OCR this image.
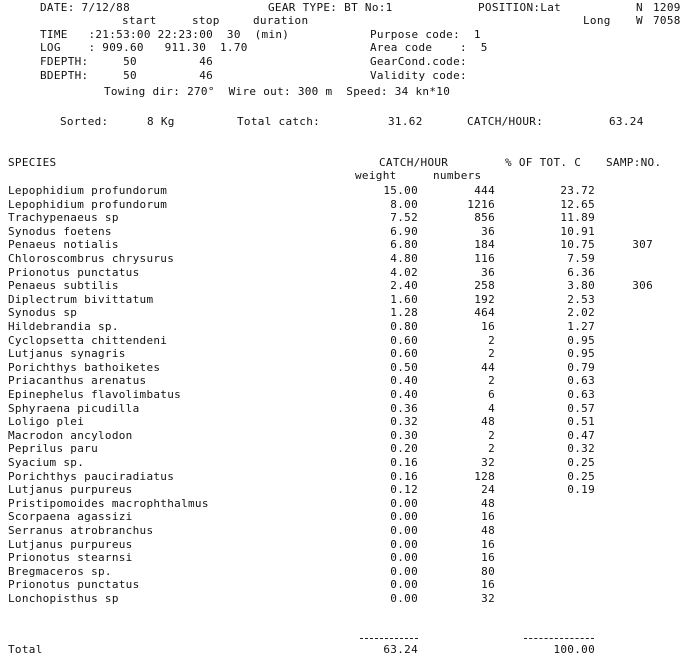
DATE: 7/12/88	GEAR TYPE: BT No:1	POSITION:Lat	N 1209
start	stop	duration	Long W 7058
TIME   :21:53:00 22:23:00  30  (min)	Purpose code:  1
LOG    : 909.60   911.30  1.70	Area code    :  5
FDEPTH:     50         46	GearCond.code:
BDEPTH:     50         46	Validity code:
Towing dir: 270°  Wire out: 300 m  Speed: 34 kn*10
Sorted:	8 Kg	Total catch:	31.62	CATCH/HOUR:	63.24
SPECIES	CATCH/HOUR	% OF TOT. C SAMP:NO.
weight	numbers
Lepophidium profundorum	15.00	444	23.72
Lepophidium profundorum	8.00	1216	12.65
Trachypenaeus sp	7.52	856	11.89
Synodus foetens	6.90	36	10.91
Penaeus notialis	6.80	184	10.75	307
Chloroscombrus chrysurus	4.80	116	7.59
Prionotus punctatus	4.02	36	6.36
Penaeus subtilis	2.40	258	3.80	306
Diplectrum bivittatum	1.60	192	2.53
Synodus sp	1.28	464	2.02
Hildebrandia sp.	0.80	16	1.27
Cyclopsetta chittendeni	0.60	2	0.95
Lutjanus synagris	0.60	2	0.95
Porichthys bathoiketes	0.50	44	0.79
Priacanthus arenatus	0.40	2	0.63
Epinephelus flavolimbatus	0.40	6	0.63
Sphyraena picudilla	0.36	4	0.57
Loligo plei	0.32	48	0.51
Macrodon ancylodon	0.30	2	0.47
Peprilus paru	0.20	2	0.32
Syacium sp.	0.16	32	0.25
Porichthys pauciradiatus	0.16	128	0.25
Lutjanus purpureus	0.12	24	0.19
Pristipomoides macrophthalmus	0.00	48
Scorpaena agassizi	0.00	16
Serranus atrobranchus	0.00	48
Lutjanus purpureus	0.00	16
Prionotus stearnsi	0.00	16
Bregmaceros sp.	0.00	80
Prionotus punctatus	0.00	16
Lonchopisthus sp	0.00	32
Total	63.24	100.00
